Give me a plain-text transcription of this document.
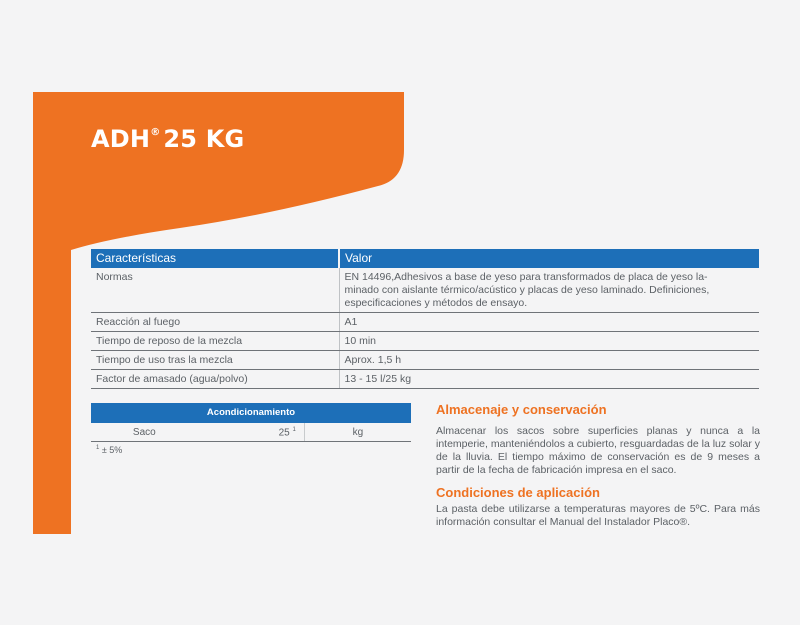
ADH® 25 KG
Características	Valor
Normas	EN 14496,Adhesivos a base de yeso para transformados de placa de yeso la-
minado con aislante térmico/acústico y placas de yeso laminado. Definiciones,
especificaciones y métodos de ensayo.
Reacción al fuego	A1
Tiempo de reposo de la mezcla	10 min
Tiempo de uso tras la mezcla	Aprox. 1,5 h
Factor de amasado (agua/polvo)	13 - 15 l/25 kg
Acondicionamiento
Saco	25 $^1$	kg
$^1$ ± 5%
Almacenaje y conservación

Almacenar los sacos sobre superficies planas y nunca a la intemperie, manteniéndolos a cubierto, resguardadas de la luz solar y de la lluvia. El tiempo máximo de conservación es de 9 meses a partir de la fecha de fabricación impresa en el saco.

Condiciones de aplicación

La pasta debe utilizarse a temperaturas mayores de 5ºC. Para más información consultar el Manual del Instalador Placo®.
